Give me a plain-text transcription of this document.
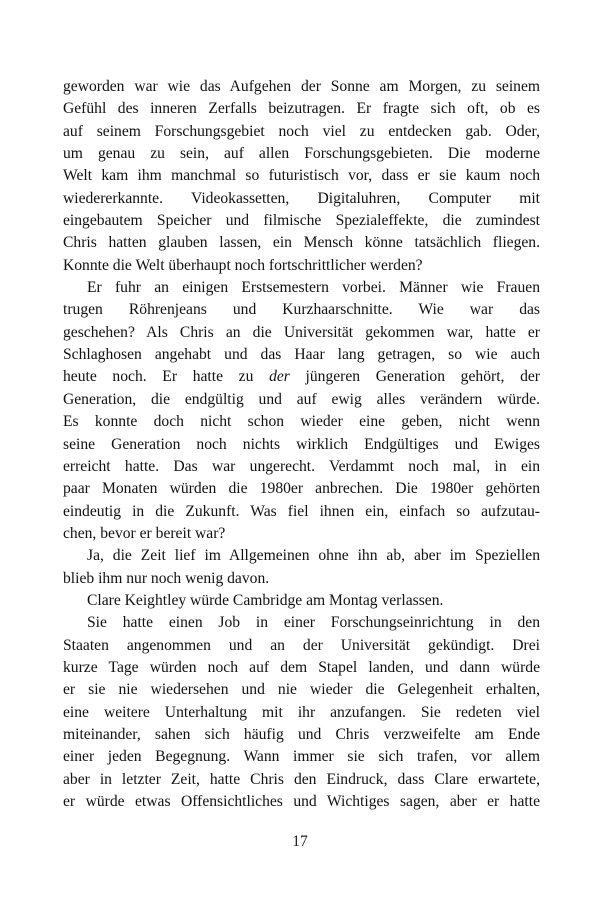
geworden war wie das Aufgehen der Sonne am Morgen, zu seinem
Gefühl des inneren Zerfalls beizutragen. Er fragte sich oft, ob es
auf seinem Forschungsgebiet noch viel zu entdecken gab. Oder,
um genau zu sein, auf allen Forschungsgebieten. Die moderne
Welt kam ihm manchmal so futuristisch vor, dass er sie kaum noch
wiedererkannte. Videokassetten, Digitaluhren, Computer mit
eingebautem Speicher und filmische Spezialeffekte, die zumindest
Chris hatten glauben lassen, ein Mensch könne tatsächlich fliegen.
Konnte die Welt überhaupt noch fortschrittlicher werden?
Er fuhr an einigen Erstsemestern vorbei. Männer wie Frauen
trugen Röhrenjeans und Kurzhaarschnitte. Wie war das
geschehen? Als Chris an die Universität gekommen war, hatte er
Schlaghosen angehabt und das Haar lang getragen, so wie auch
heute noch. Er hatte zu der jüngeren Generation gehört, der
Generation, die endgültig und auf ewig alles verändern würde.
Es konnte doch nicht schon wieder eine geben, nicht wenn
seine Generation noch nichts wirklich Endgültiges und Ewiges
erreicht hatte. Das war ungerecht. Verdammt noch mal, in ein
paar Monaten würden die 1980er anbrechen. Die 1980er gehörten
eindeutig in die Zukunft. Was fiel ihnen ein, einfach so aufzutau-
chen, bevor er bereit war?
Ja, die Zeit lief im Allgemeinen ohne ihn ab, aber im Speziellen
blieb ihm nur noch wenig davon.
Clare Keightley würde Cambridge am Montag verlassen.
Sie hatte einen Job in einer Forschungseinrichtung in den
Staaten angenommen und an der Universität gekündigt. Drei
kurze Tage würden noch auf dem Stapel landen, und dann würde
er sie nie wiedersehen und nie wieder die Gelegenheit erhalten,
eine weitere Unterhaltung mit ihr anzufangen. Sie redeten viel
miteinander, sahen sich häufig und Chris verzweifelte am Ende
einer jeden Begegnung. Wann immer sie sich trafen, vor allem
aber in letzter Zeit, hatte Chris den Eindruck, dass Clare erwartete,
er würde etwas Offensichtliches und Wichtiges sagen, aber er hatte
17
